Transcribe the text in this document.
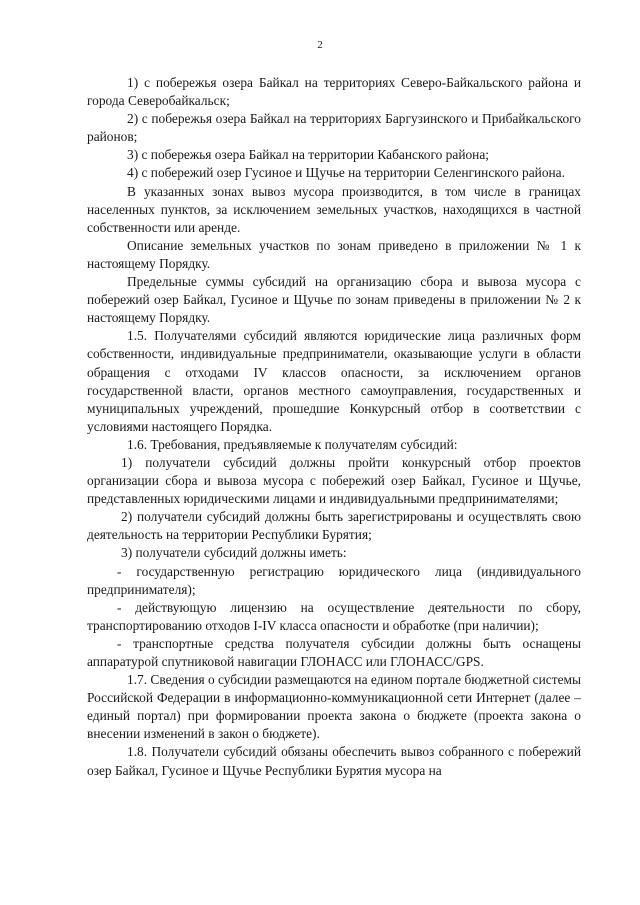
2

1) с побережья озера Байкал на территориях Северо-Байкальского района и города Северобайкальск;

2) с побережья озера Байкал на территориях Баргузинского и Прибайкальского районов;

3) с побережья озера Байкал на территории Кабанского района;

4) с побережий озер Гусиное и Щучье на территории Селенгинского района.

В указанных зонах вывоз мусора производится, в том числе в границах населенных пунктов, за исключением земельных участков, находящихся в частной собственности или аренде.

Описание земельных участков по зонам приведено в приложении № 1 к настоящему Порядку.

Предельные суммы субсидий на организацию сбора и вывоза мусора с побережий озер Байкал, Гусиное и Щучье по зонам приведены в приложении № 2 к настоящему Порядку.

1.5. Получателями субсидий являются юридические лица различных форм собственности, индивидуальные предприниматели, оказывающие услуги в области обращения с отходами IV классов опасности, за исключением органов государственной власти, органов местного самоуправления, государственных и муниципальных учреждений, прошедшие Конкурсный отбор в соответствии с условиями настоящего Порядка.

1.6. Требования, предъявляемые к получателям субсидий:

1) получатели субсидий должны пройти конкурсный отбор проектов организации сбора и вывоза мусора с побережий озер Байкал, Гусиное и Щучье, представленных юридическими лицами и индивидуальными предпринимателями;

2) получатели субсидий должны быть зарегистрированы и осуществлять свою деятельность на территории Республики Бурятия;

3) получатели субсидий должны иметь:

- государственную регистрацию юридического лица (индивидуального предпринимателя);

- действующую лицензию на осуществление деятельности по сбору, транспортированию отходов I-IV класса опасности и обработке (при наличии);

- транспортные средства получателя субсидии должны быть оснащены аппаратурой спутниковой навигации ГЛОНАСС или ГЛОНАСС/GPS.

1.7. Сведения о субсидии размещаются на едином портале бюджетной системы Российской Федерации в информационно-коммуникационной сети Интернет (далее – единый портал) при формировании проекта закона о бюджете (проекта закона о внесении изменений в закон о бюджете).

1.8. Получатели субсидий обязаны обеспечить вывоз собранного с побережий озер Байкал, Гусиное и Щучье Республики Бурятия мусора на
